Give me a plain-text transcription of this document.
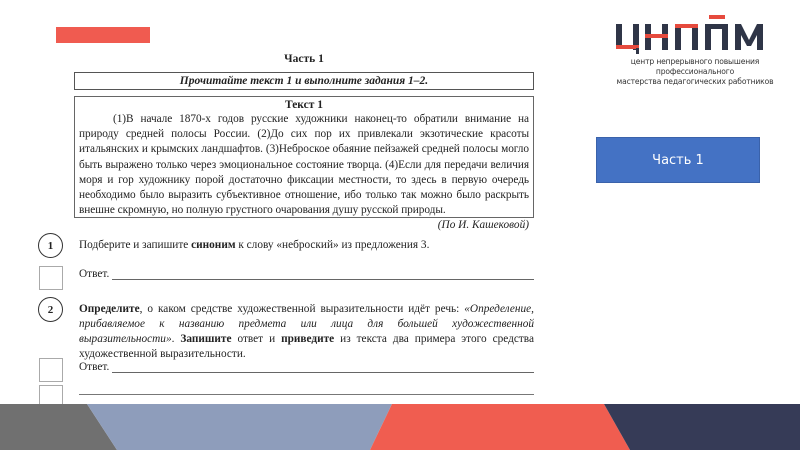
центр непрерывного повышения профессионального
мастерства педагогических работников
Часть 1
Часть 1
Прочитайте текст 1 и выполните задания 1–2.
Текст 1
(1)В начале 1870-х годов русские художники наконец-то обратили внимание на природу средней полосы России. (2)До сих пор их привлекали экзотические красоты итальянских и крымских ландшафтов. (3)Неброское обаяние пейзажей средней полосы могло быть выражено только через эмоциональное состояние творца. (4)Если для передачи величия моря и гор художнику порой достаточно фиксации местности, то здесь в первую очередь необходимо было выразить субъективное отношение, ибо только так можно было раскрыть внешне скромную, но полную грустного очарования душу русской природы.
(По И. Кашековой)
1	Подберите и запишите синоним к слову «неброский» из предложения 3.
Ответ.
2	Определите, о каком средстве художественной выразительности идёт речь: «Определение, прибавляемое к названию предмета или лица для большей художественной выразительности». Запишите ответ и приведите из текста два примера этого средства художественной выразительности.
Ответ.
